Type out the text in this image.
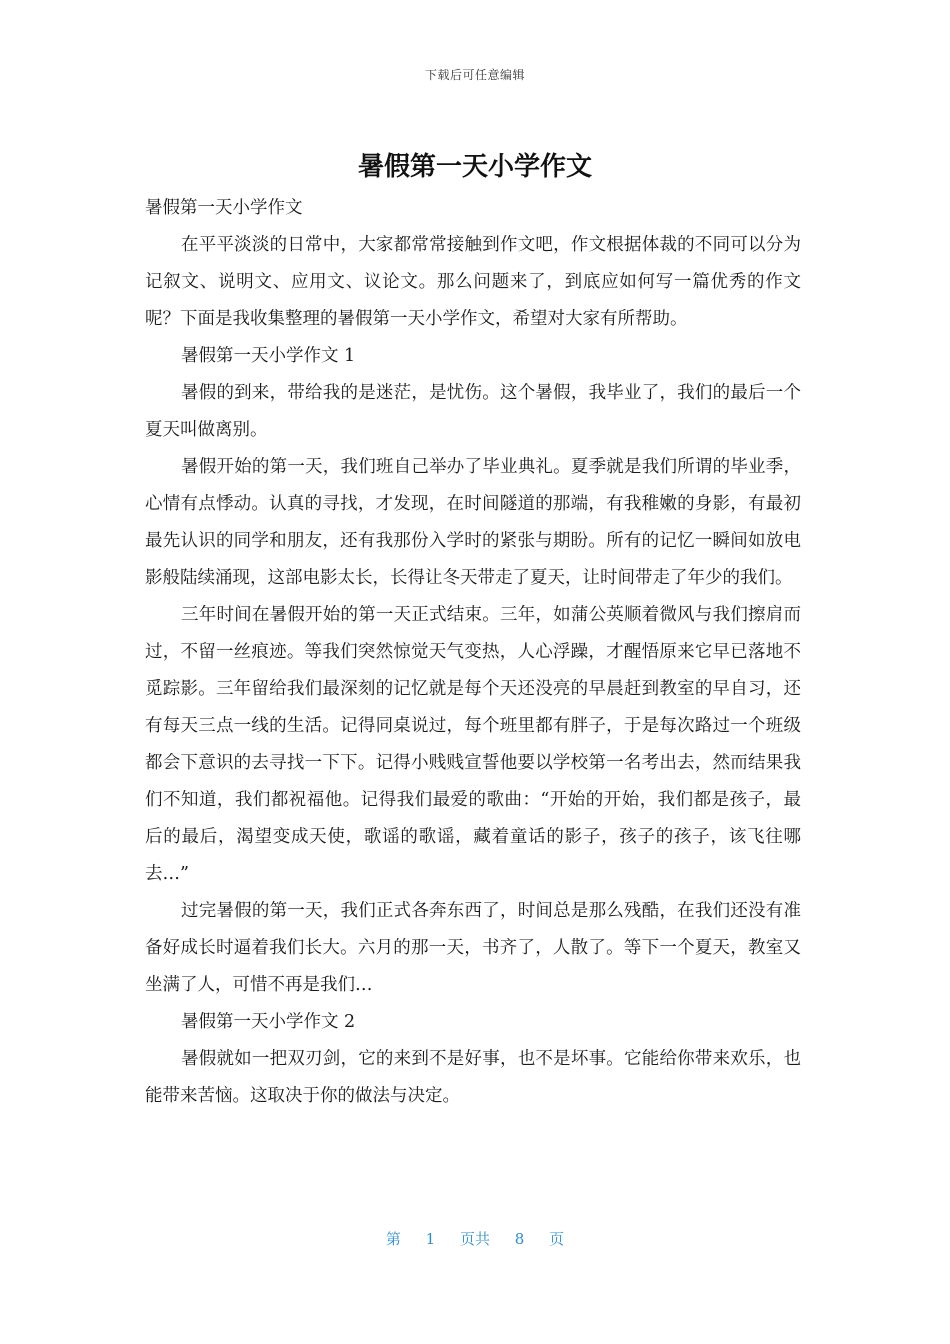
下载后可任意编辑
暑假第一天小学作文

暑假第一天小学作文

在平平淡淡的日常中，大家都常常接触到作文吧，作文根据体裁的不同可以分为记叙文、说明文、应用文、议论文。那么问题来了，到底应如何写一篇优秀的作文呢？下面是我收集整理的暑假第一天小学作文，希望对大家有所帮助。

暑假第一天小学作文 1

暑假的到来，带给我的是迷茫，是忧伤。这个暑假，我毕业了，我们的最后一个夏天叫做离别。

暑假开始的第一天，我们班自己举办了毕业典礼。夏季就是我们所谓的毕业季，心情有点悸动。认真的寻找，才发现，在时间隧道的那端，有我稚嫩的身影，有最初最先认识的同学和朋友，还有我那份入学时的紧张与期盼。所有的记忆一瞬间如放电影般陆续涌现，这部电影太长，长得让冬天带走了夏天，让时间带走了年少的我们。

三年时间在暑假开始的第一天正式结束。三年，如蒲公英顺着微风与我们擦肩而过，不留一丝痕迹。等我们突然惊觉天气变热，人心浮躁，才醒悟原来它早已落地不觅踪影。三年留给我们最深刻的记忆就是每个天还没亮的早晨赶到教室的早自习，还有每天三点一线的生活。记得同桌说过，每个班里都有胖子，于是每次路过一个班级都会下意识的去寻找一下下。记得小贱贱宣誓他要以学校第一名考出去，然而结果我们不知道，我们都祝福他。记得我们最爱的歌曲：“开始的开始，我们都是孩子，最后的最后，渴望变成天使，歌谣的歌谣，藏着童话的影子，孩子的孩子，该飞往哪去…”

过完暑假的第一天，我们正式各奔东西了，时间总是那么残酷，在我们还没有准备好成长时逼着我们长大。六月的那一天，书齐了，人散了。等下一个夏天，教室又坐满了人，可惜不再是我们…

暑假第一天小学作文 2

暑假就如一把双刃剑，它的来到不是好事，也不是坏事。它能给你带来欢乐，也能带来苦恼。这取决于你的做法与决定。

第 1 页共 8 页
